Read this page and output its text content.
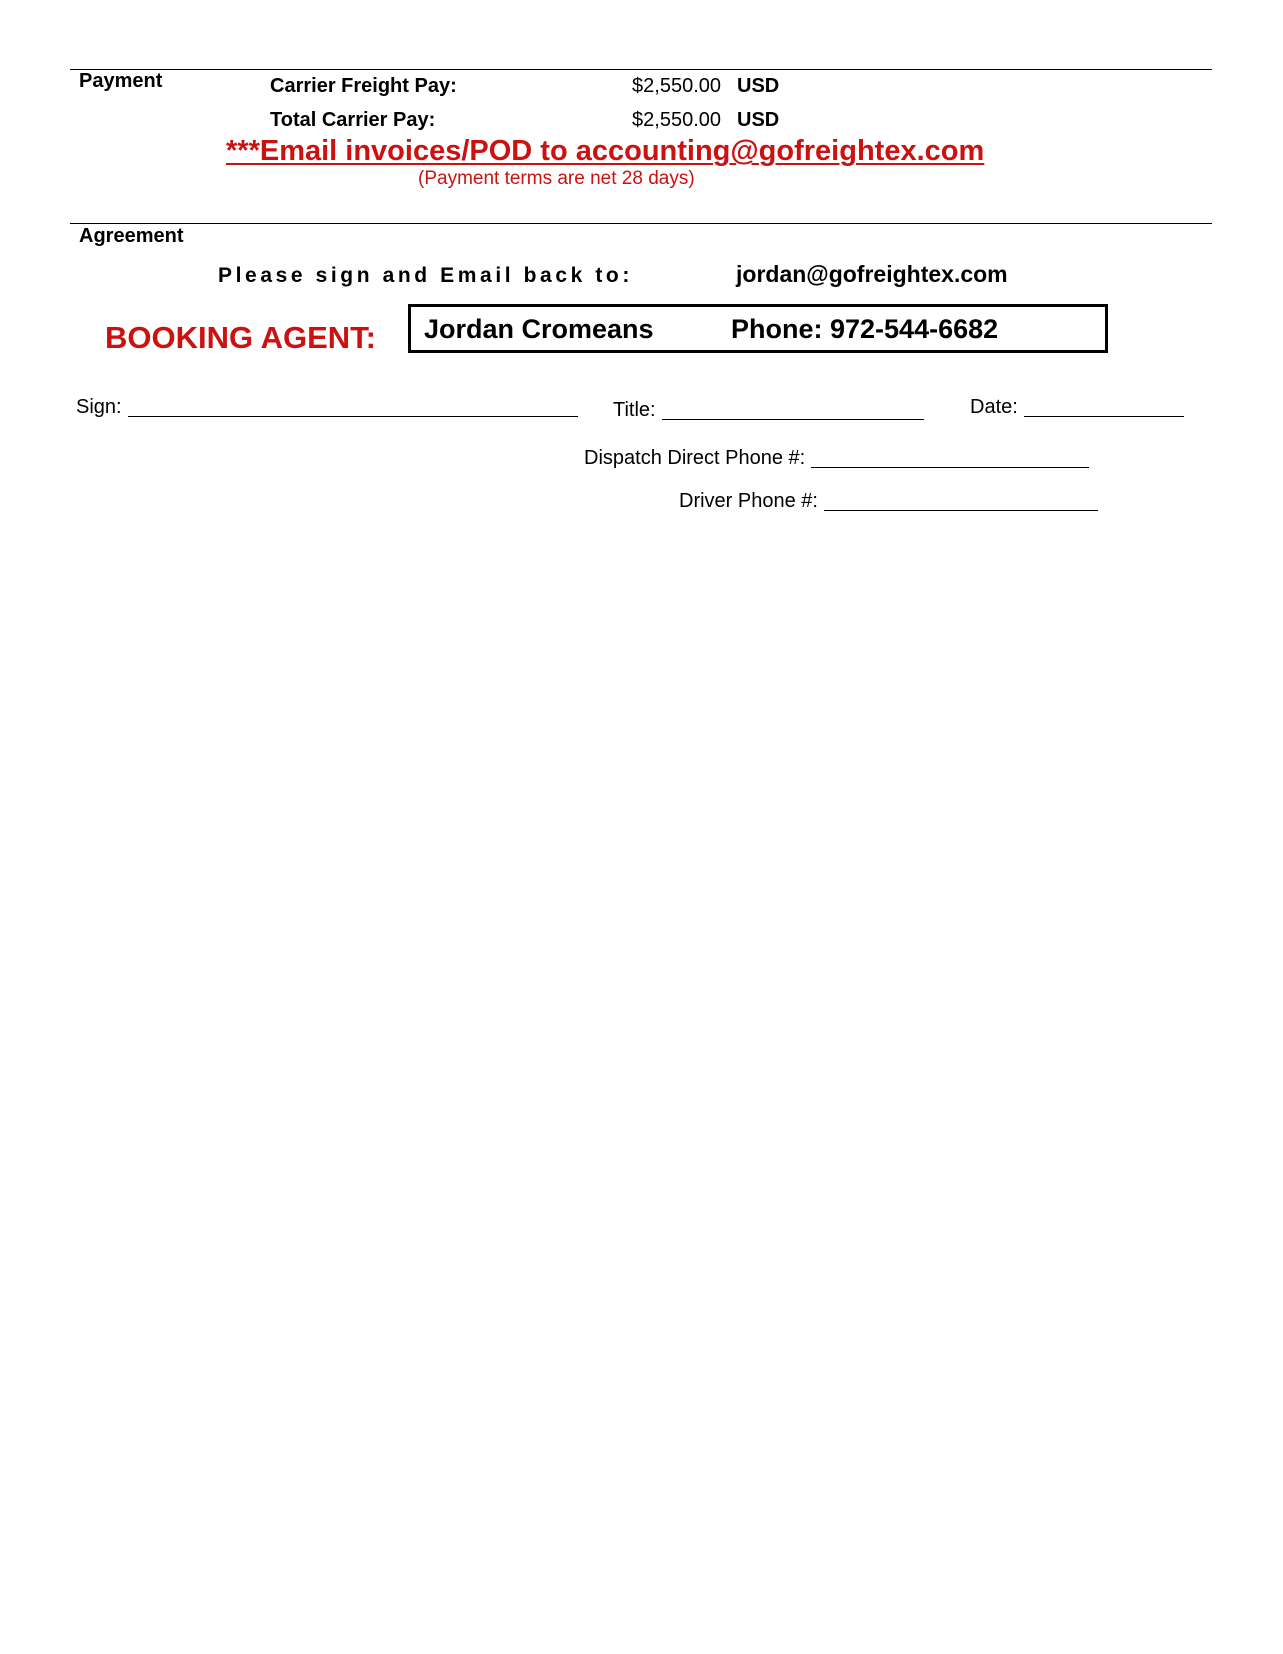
Payment	Carrier Freight Pay:	$2,550.00 USD
Total Carrier Pay:	$2,550.00 USD
***Email invoices/POD to accounting@gofreightex.com
(Payment terms are net 28 days)
Agreement
Please sign and Email back to:	jordan@gofreightex.com
BOOKING AGENT: Jordan Cromeans	Phone: 972-544-6682
Sign:	Title:	Date:
Dispatch Direct Phone #:
Driver Phone #:
